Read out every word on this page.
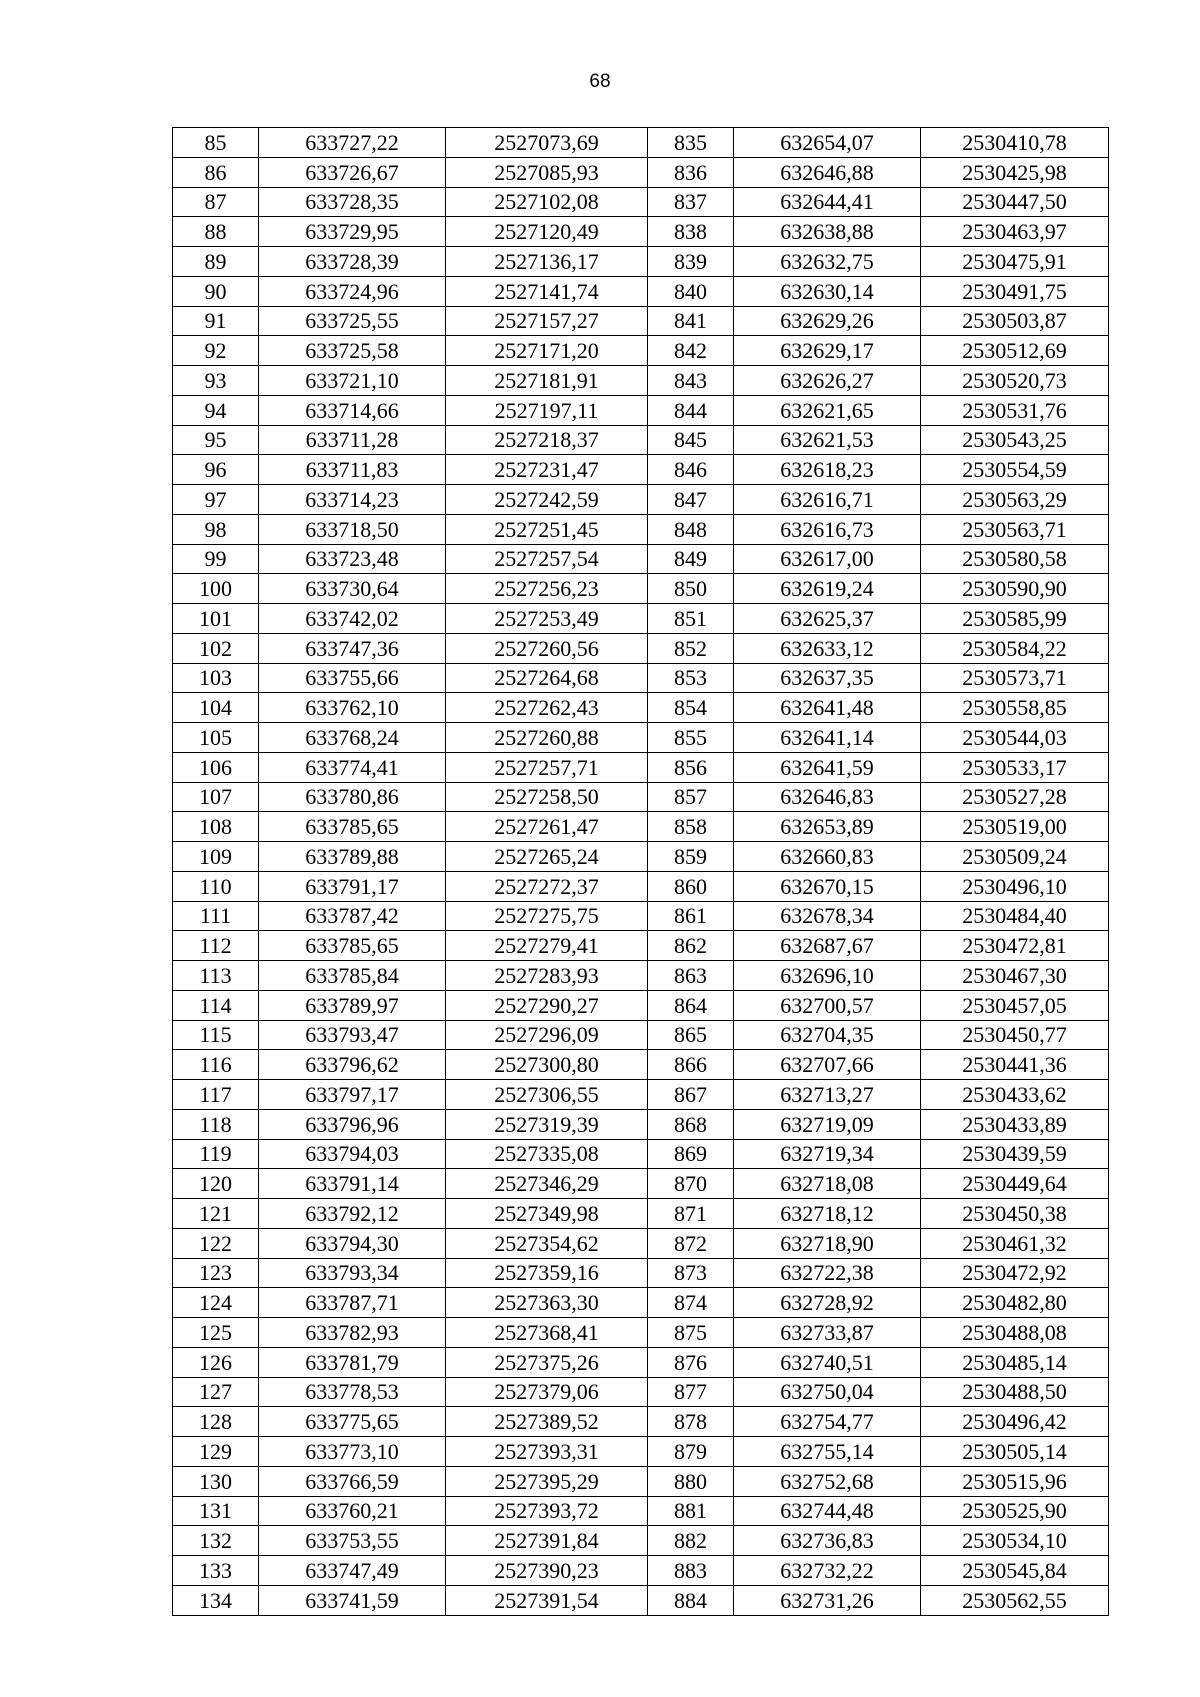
68
85	633727,22	2527073,69	835	632654,07	2530410,78
86	633726,67	2527085,93	836	632646,88	2530425,98
87	633728,35	2527102,08	837	632644,41	2530447,50
88	633729,95	2527120,49	838	632638,88	2530463,97
89	633728,39	2527136,17	839	632632,75	2530475,91
90	633724,96	2527141,74	840	632630,14	2530491,75
91	633725,55	2527157,27	841	632629,26	2530503,87
92	633725,58	2527171,20	842	632629,17	2530512,69
93	633721,10	2527181,91	843	632626,27	2530520,73
94	633714,66	2527197,11	844	632621,65	2530531,76
95	633711,28	2527218,37	845	632621,53	2530543,25
96	633711,83	2527231,47	846	632618,23	2530554,59
97	633714,23	2527242,59	847	632616,71	2530563,29
98	633718,50	2527251,45	848	632616,73	2530563,71
99	633723,48	2527257,54	849	632617,00	2530580,58
100	633730,64	2527256,23	850	632619,24	2530590,90
101	633742,02	2527253,49	851	632625,37	2530585,99
102	633747,36	2527260,56	852	632633,12	2530584,22
103	633755,66	2527264,68	853	632637,35	2530573,71
104	633762,10	2527262,43	854	632641,48	2530558,85
105	633768,24	2527260,88	855	632641,14	2530544,03
106	633774,41	2527257,71	856	632641,59	2530533,17
107	633780,86	2527258,50	857	632646,83	2530527,28
108	633785,65	2527261,47	858	632653,89	2530519,00
109	633789,88	2527265,24	859	632660,83	2530509,24
110	633791,17	2527272,37	860	632670,15	2530496,10
111	633787,42	2527275,75	861	632678,34	2530484,40
112	633785,65	2527279,41	862	632687,67	2530472,81
113	633785,84	2527283,93	863	632696,10	2530467,30
114	633789,97	2527290,27	864	632700,57	2530457,05
115	633793,47	2527296,09	865	632704,35	2530450,77
116	633796,62	2527300,80	866	632707,66	2530441,36
117	633797,17	2527306,55	867	632713,27	2530433,62
118	633796,96	2527319,39	868	632719,09	2530433,89
119	633794,03	2527335,08	869	632719,34	2530439,59
120	633791,14	2527346,29	870	632718,08	2530449,64
121	633792,12	2527349,98	871	632718,12	2530450,38
122	633794,30	2527354,62	872	632718,90	2530461,32
123	633793,34	2527359,16	873	632722,38	2530472,92
124	633787,71	2527363,30	874	632728,92	2530482,80
125	633782,93	2527368,41	875	632733,87	2530488,08
126	633781,79	2527375,26	876	632740,51	2530485,14
127	633778,53	2527379,06	877	632750,04	2530488,50
128	633775,65	2527389,52	878	632754,77	2530496,42
129	633773,10	2527393,31	879	632755,14	2530505,14
130	633766,59	2527395,29	880	632752,68	2530515,96
131	633760,21	2527393,72	881	632744,48	2530525,90
132	633753,55	2527391,84	882	632736,83	2530534,10
133	633747,49	2527390,23	883	632732,22	2530545,84
134	633741,59	2527391,54	884	632731,26	2530562,55
